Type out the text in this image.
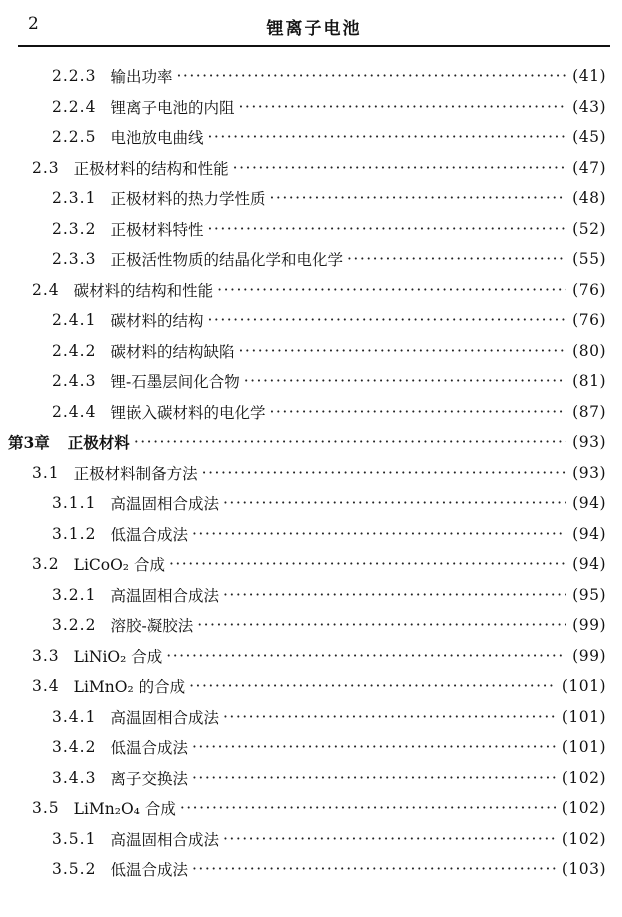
2	锂离子电池
2.2.3 输出功率 ·····	(41)
2.2.4 锂离子电池的内阻 ·····	(43)
2.2.5 电池放电曲线 ·····	(45)
2.3 正极材料的结构和性能 ·····	(47)
2.3.1 正极材料的热力学性质 ·····	(48)
2.3.2 正极材料特性 ·····	(52)
2.3.3 正极活性物质的结晶化学和电化学 ·····	(55)
2.4 碳材料的结构和性能 ·····	(76)
2.4.1 碳材料的结构 ·····	(76)
2.4.2 碳材料的结构缺陷 ·····	(80)
2.4.3 锂-石墨层间化合物 ·····	(81)
2.4.4 锂嵌入碳材料的电化学 ·····	(87)
第3章 正极材料 ·····	(93)
3.1 正极材料制备方法 ·····	(93)
3.1.1 高温固相合成法 ·····	(94)
3.1.2 低温合成法 ·····	(94)
3.2 LiCoO₂ 合成 ·····	(94)
3.2.1 高温固相合成法 ·····	(95)
3.2.2 溶胶-凝胶法 ·····	(99)
3.3 LiNiO₂ 合成 ·····	(99)
3.4 LiMnO₂ 的合成 ·····	(101)
3.4.1 高温固相合成法 ·····	(101)
3.4.2 低温合成法 ·····	(101)
3.4.3 离子交换法 ·····	(102)
3.5 LiMn₂O₄ 合成 ·····	(102)
3.5.1 高温固相合成法 ·····	(102)
3.5.2 低温合成法 ·····	(103)
